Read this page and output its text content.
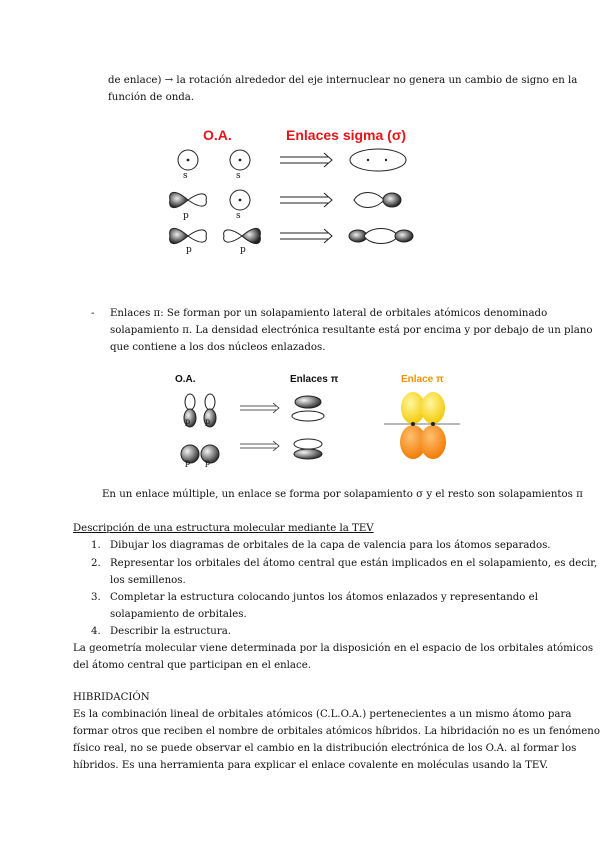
de enlace) → la rotación alrededor del eje internuclear no genera un cambio de signo en la
función de onda.
O.A.	Enlaces sigma (σ)
s	s
p	s
p	p
- Enlaces π: Se forman por un solapamiento lateral de orbitales atómicos denominado
solapamiento π. La densidad electrónica resultante está por encima y por debajo de un plano
que contiene a los dos núcleos enlazados.
O.A.	Enlaces π	Enlace π
p p
p p
En un enlace múltiple, un enlace se forma por solapamiento σ y el resto son solapamientos π
Descripción de una estructura molecular mediante la TEV
1. Dibujar los diagramas de orbitales de la capa de valencia para los átomos separados.
2. Representar los orbitales del átomo central que están implicados en el solapamiento, es decir,
los semillenos.
3. Completar la estructura colocando juntos los átomos enlazados y representando el
solapamiento de orbitales.
4. Describir la estructura.
La geometría molecular viene determinada por la disposición en el espacio de los orbitales atómicos
del átomo central que participan en el enlace.
HIBRIDACIÓN
Es la combinación lineal de orbitales atómicos (C.L.O.A.) pertenecientes a un mismo átomo para
formar otros que reciben el nombre de orbitales atómicos híbridos. La hibridación no es un fenómeno
físico real, no se puede observar el cambio en la distribución electrónica de los O.A. al formar los
híbridos. Es una herramienta para explicar el enlace covalente en moléculas usando la TEV.
